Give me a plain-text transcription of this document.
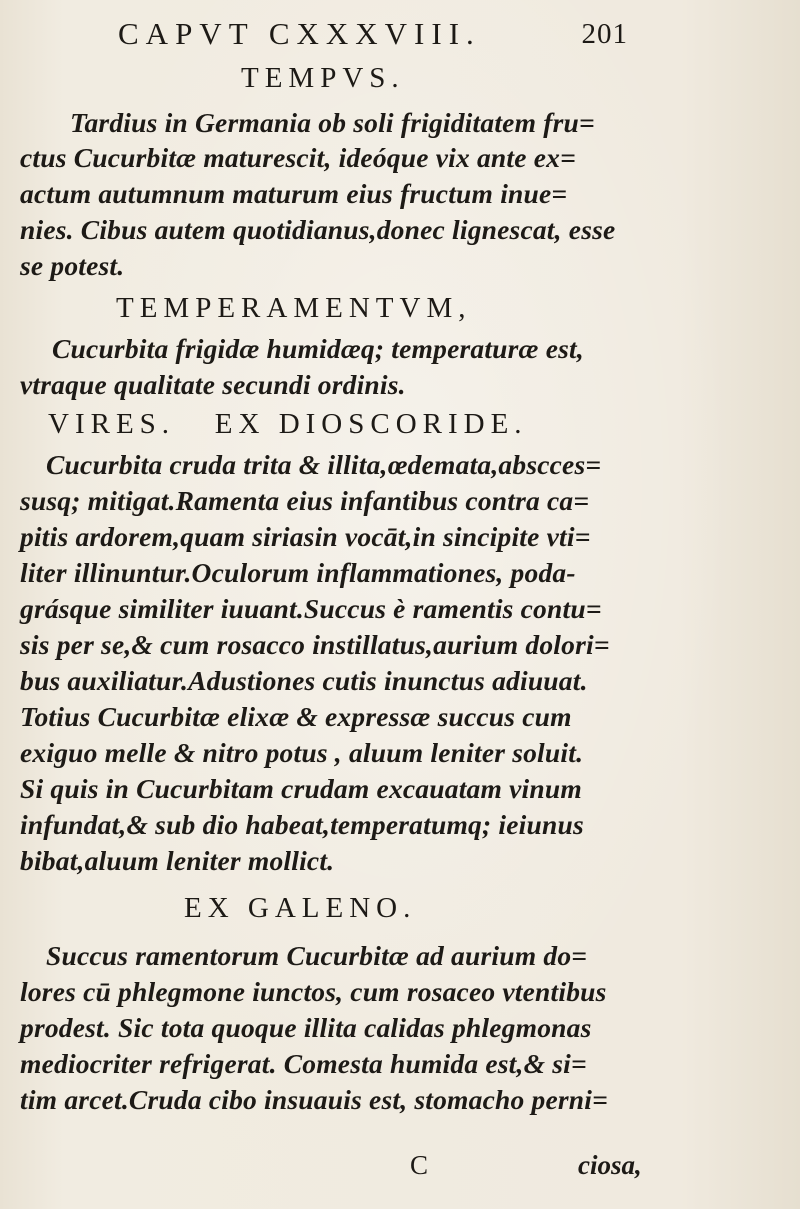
CAPVT CXXXVIII.	201
TEMPVS.
Tardius in Germania ob soli frigiditatem fru=
ctus Cucurbitæ maturescit, ideóque vix ante ex=
actum autumnum maturum eius fructum inue=
nies. Cibus autem quotidianus,donec lignescat, esse
se potest.
TEMPERAMENTVM,
Cucurbita frigidæ humidæq; temperaturæ est,
vtraque qualitate secundi ordinis.
VIRES.   EX DIOSCORIDE.
Cucurbita cruda trita & illita,œdemata,abscces=
susq; mitigat.Ramenta eius infantibus contra ca=
pitis ardorem,quam siriasin vocāt,in sincipite vti=
liter illinuntur.Oculorum inflammationes, poda-
grásque similiter iuuant.Succus è ramentis contu=
sis per se,& cum rosacco instillatus,aurium dolori=
bus auxiliatur.Adustiones cutis inunctus adiuuat.
Totius Cucurbitæ elixæ & expressæ succus cum
exiguo melle & nitro potus , aluum leniter soluit.
Si quis in Cucurbitam crudam excauatam vinum
infundat,& sub dio habeat,temperatumq; ieiunus
bibat,aluum leniter mollict.
EX GALENO.
Succus ramentorum Cucurbitæ ad aurium do=
lores cū phlegmone iunctos, cum rosaceo vtentibus
prodest. Sic tota quoque illita calidas phlegmonas
mediocriter refrigerat. Comesta humida est,& si=
tim arcet.Cruda cibo insuauis est, stomacho perni=
C	ciosa,
